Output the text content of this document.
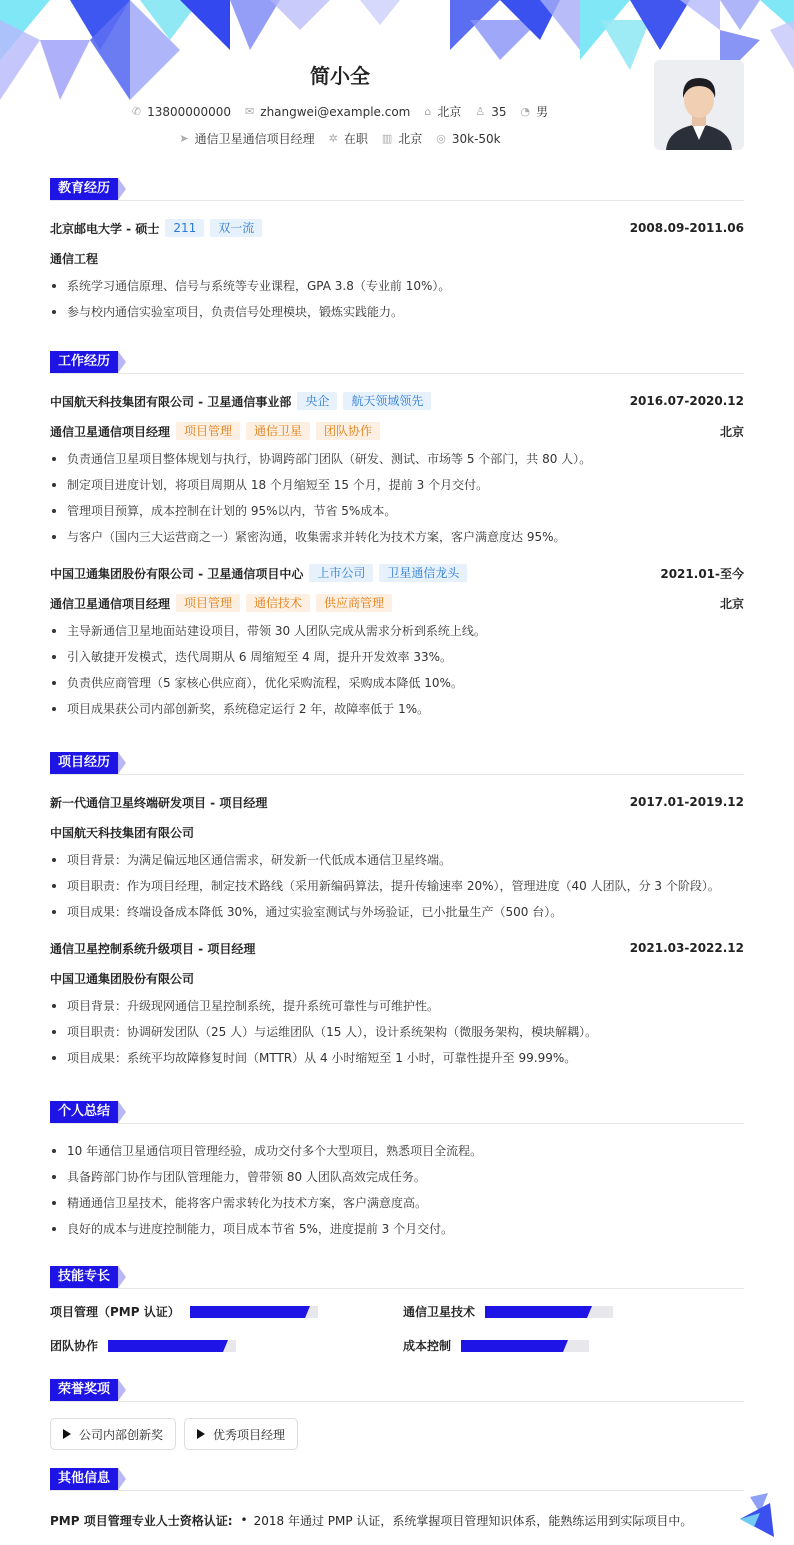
简小全
✆ 13800000000 ✉ zhangwei@example.com ⌂ 北京 ♙ 35 ◔ 男
➤ 通信卫星通信项目经理 ✲ 在职 ▥ 北京 ◎ 30k-50k
教育经历
北京邮电大学 - 硕士	211	双一流	2008.09-2011.06
通信工程
系统学习通信原理、信号与系统等专业课程，GPA 3.8（专业前 10%）。
参与校内通信实验室项目，负责信号处理模块，锻炼实践能力。
工作经历
中国航天科技集团有限公司 - 卫星通信事业部	央企	航天领域领先	2016.07-2020.12
通信卫星通信项目经理	项目管理	通信卫星	团队协作	北京
负责通信卫星项目整体规划与执行，协调跨部门团队（研发、测试、市场等 5 个部门，共 80 人）。
制定项目进度计划，将项目周期从 18 个月缩短至 15 个月，提前 3 个月交付。
管理项目预算，成本控制在计划的 95%以内，节省 5%成本。
与客户（国内三大运营商之一）紧密沟通，收集需求并转化为技术方案，客户满意度达 95%。
中国卫通集团股份有限公司 - 卫星通信项目中心	上市公司	卫星通信龙头	2021.01-至今
通信卫星通信项目经理	项目管理	通信技术	供应商管理	北京
主导新通信卫星地面站建设项目，带领 30 人团队完成从需求分析到系统上线。
引入敏捷开发模式，迭代周期从 6 周缩短至 4 周，提升开发效率 33%。
负责供应商管理（5 家核心供应商），优化采购流程，采购成本降低 10%。
项目成果获公司内部创新奖，系统稳定运行 2 年，故障率低于 1%。
项目经历
新一代通信卫星终端研发项目 - 项目经理	2017.01-2019.12
中国航天科技集团有限公司
项目背景：为满足偏远地区通信需求，研发新一代低成本通信卫星终端。
项目职责：作为项目经理，制定技术路线（采用新编码算法，提升传输速率 20%），管理进度（40 人团队，分 3 个阶段）。
项目成果：终端设备成本降低 30%，通过实验室测试与外场验证，已小批量生产（500 台）。
通信卫星控制系统升级项目 - 项目经理	2021.03-2022.12
中国卫通集团股份有限公司
项目背景：升级现网通信卫星控制系统，提升系统可靠性与可维护性。
项目职责：协调研发团队（25 人）与运维团队（15 人），设计系统架构（微服务架构，模块解耦）。
项目成果：系统平均故障修复时间（MTTR）从 4 小时缩短至 1 小时，可靠性提升至 99.99%。
个人总结
10 年通信卫星通信项目管理经验，成功交付多个大型项目，熟悉项目全流程。
具备跨部门协作与团队管理能力，曾带领 80 人团队高效完成任务。
精通通信卫星技术，能将客户需求转化为技术方案，客户满意度高。
良好的成本与进度控制能力，项目成本节省 5%，进度提前 3 个月交付。
技能专长
项目管理（PMP 认证）	通信卫星技术
团队协作	成本控制
荣誉奖项
公司内部创新奖	优秀项目经理
其他信息
PMP 项目管理专业人士资格认证: • 2018 年通过 PMP 认证，系统掌握项目管理知识体系，能熟练运用到实际项目中。
